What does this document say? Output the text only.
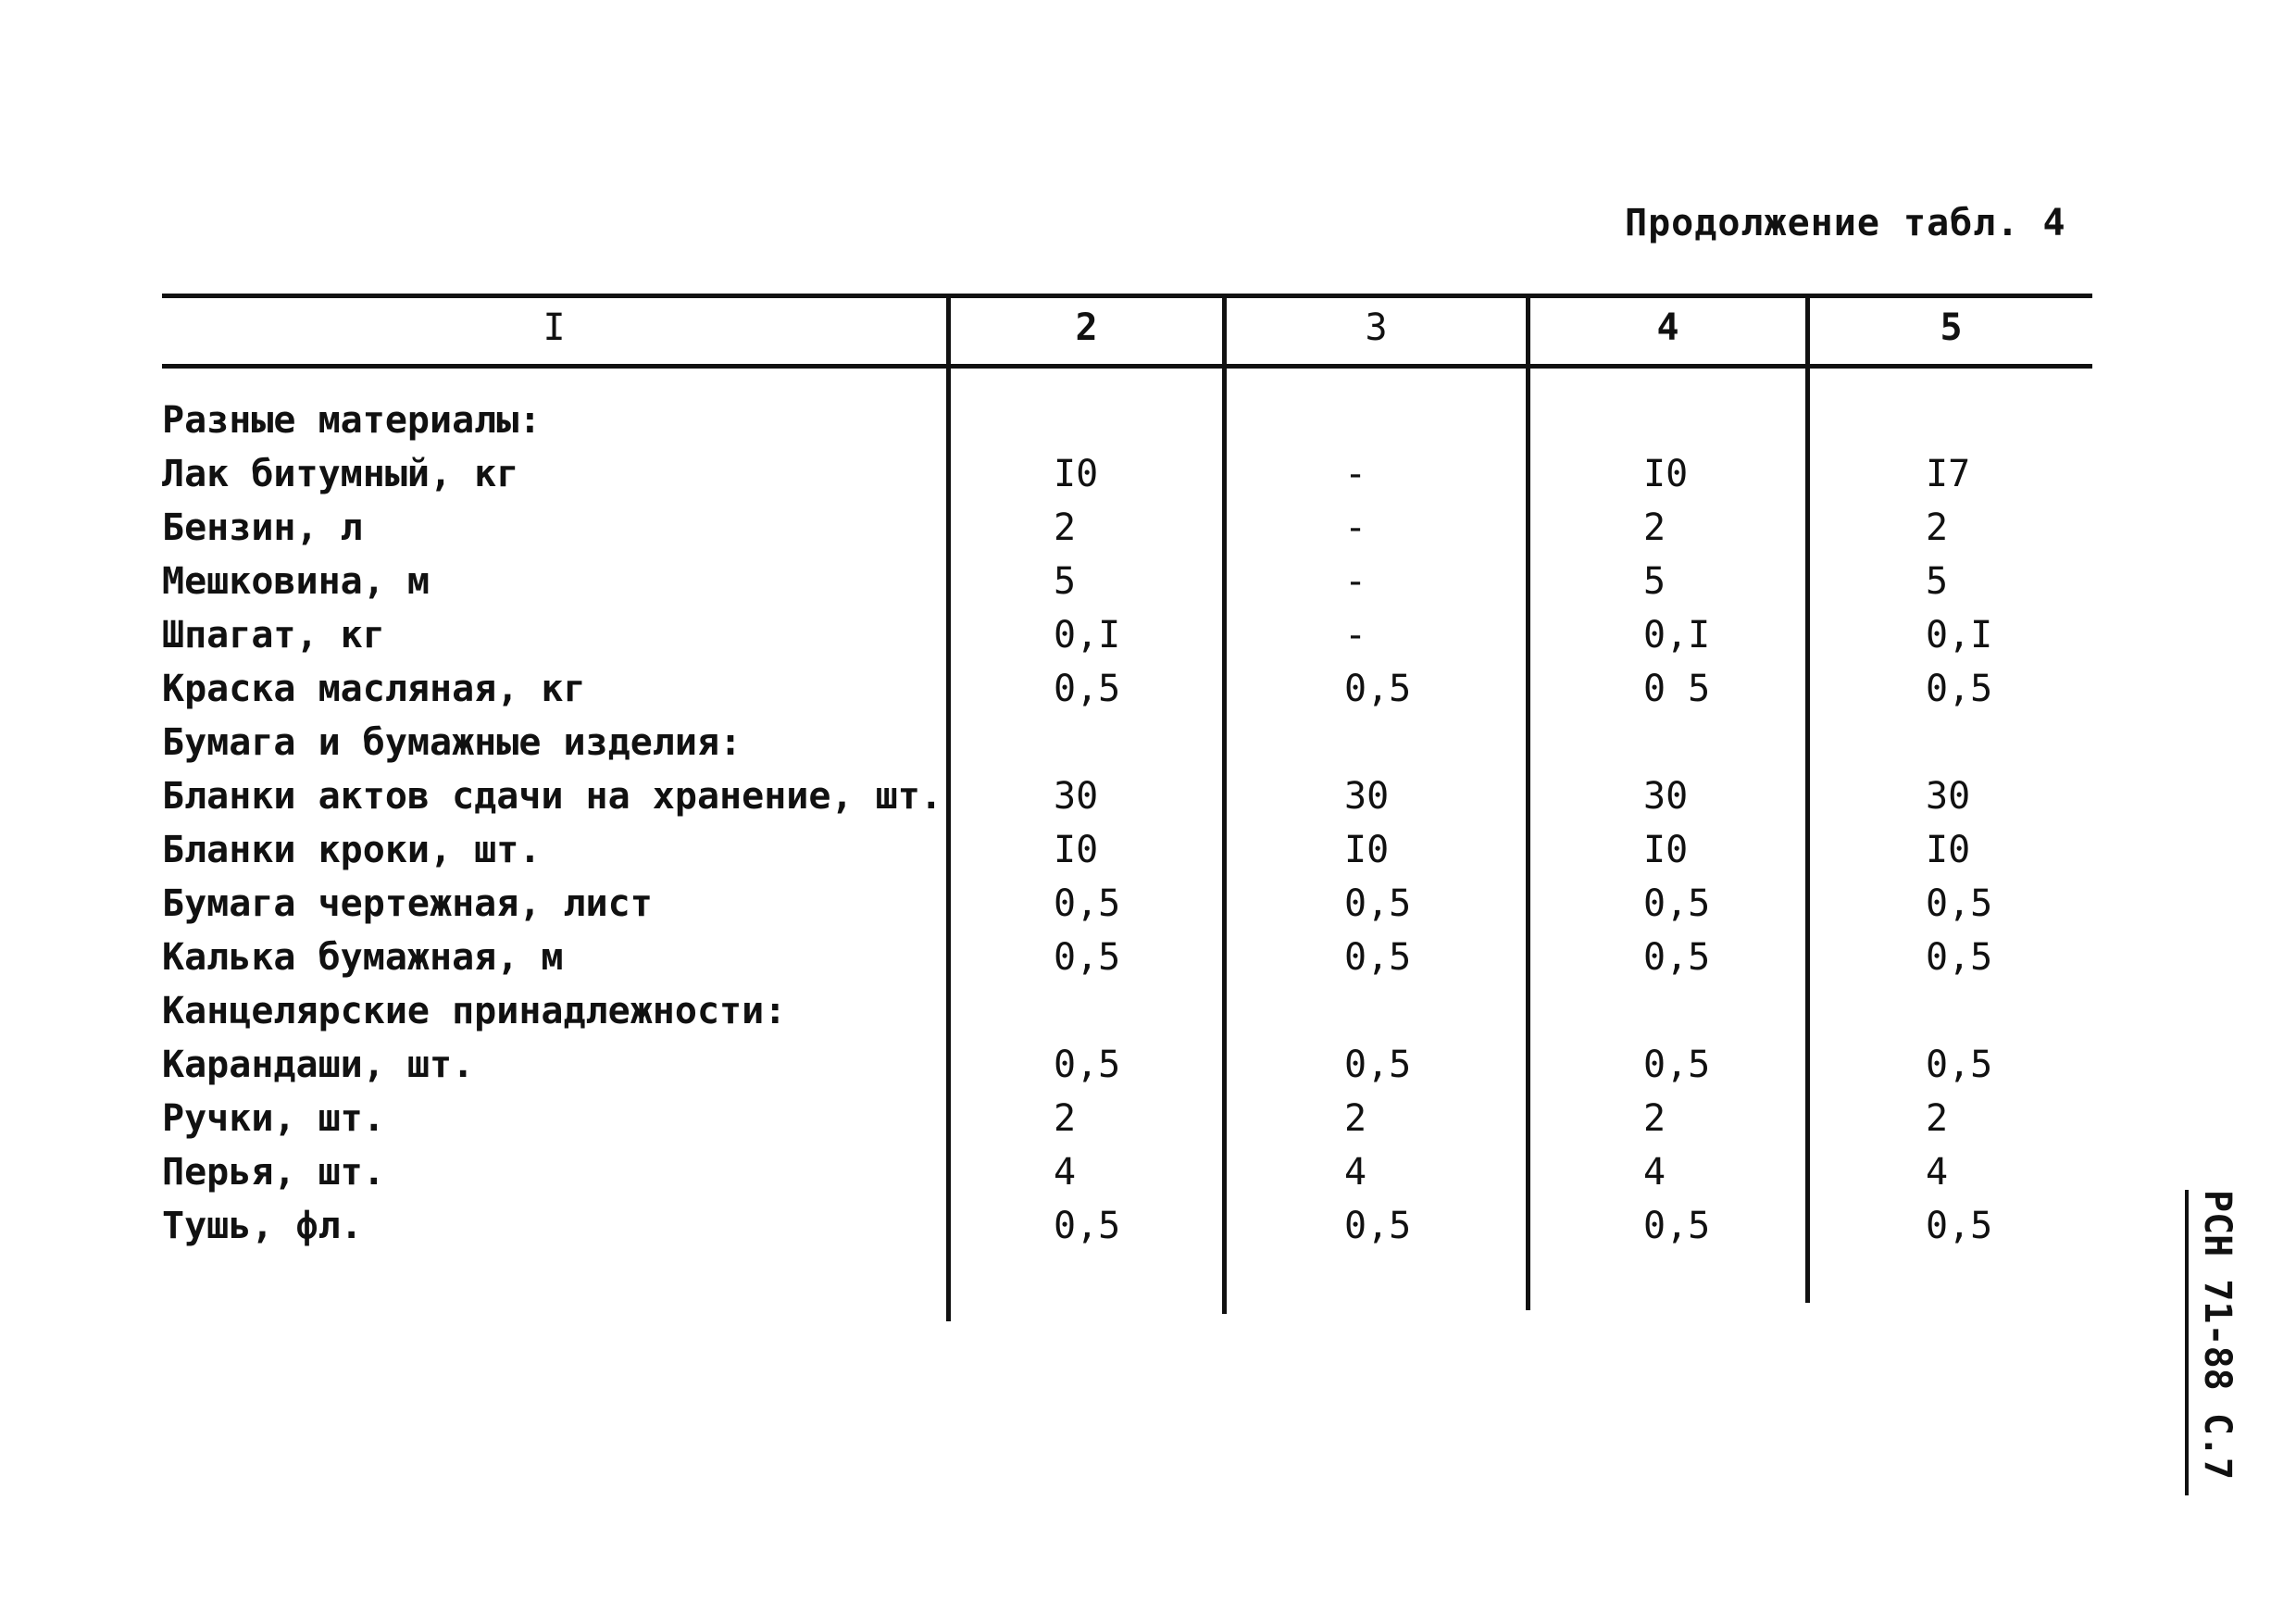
Продолжение табл. 4
I	2	3	4	5
Разные материалы:
Лак битумный, кг	I0	-	I0	I7
Бензин, л	2	-	2	2
Мешковина, м	5	-	5	5
Шпагат, кг	0,I	-	0,I	0,I
Краска масляная, кг	0,5	0,5	0 5	0,5
Бумага и бумажные изделия:
Бланки актов сдачи на хранение, шт.	30	30	30	30
Бланки кроки, шт.	I0	I0	I0	I0
Бумага чертежная, лист	0,5	0,5	0,5	0,5
Калька бумажная, м	0,5	0,5	0,5	0,5
Канцелярские принадлежности:
Карандаши, шт.	0,5	0,5	0,5	0,5
Ручки, шт.	2	2	2	2
Перья, шт.	4	4	4	4
Тушь, фл.	0,5	0,5	0,5	0,5	РСН 71-88 С.7
